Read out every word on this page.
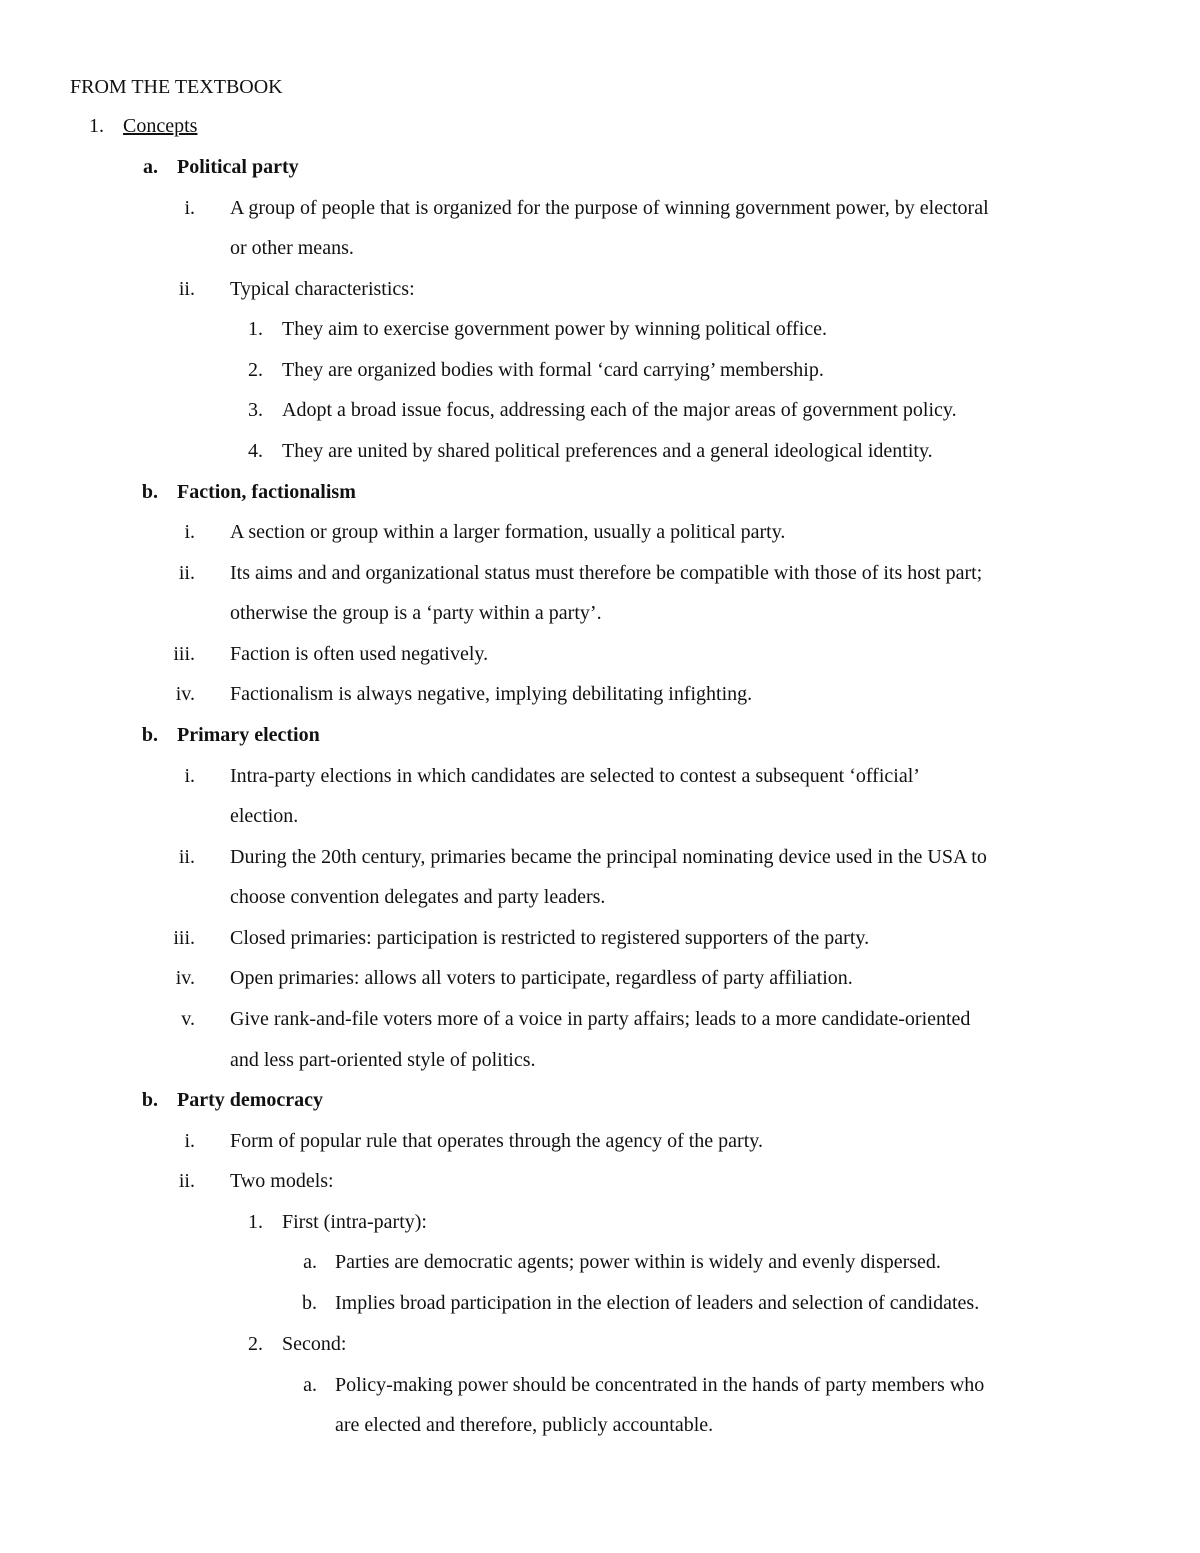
FROM THE TEXTBOOK
1. Concepts
a. Political party
i. A group of people that is organized for the purpose of winning government power, by electoral
or other means.
ii. Typical characteristics:
1. They aim to exercise government power by winning political office.
2. They are organized bodies with formal ‘card carrying’ membership.
3. Adopt a broad issue focus, addressing each of the major areas of government policy.
4. They are united by shared political preferences and a general ideological identity.
b. Faction, factionalism
i. A section or group within a larger formation, usually a political party.
ii. Its aims and and organizational status must therefore be compatible with those of its host part;
otherwise the group is a ‘party within a party’.
iii. Faction is often used negatively.
iv. Factionalism is always negative, implying debilitating infighting.
b. Primary election
i. Intra-party elections in which candidates are selected to contest a subsequent ‘official’
election.
ii. During the 20th century, primaries became the principal nominating device used in the USA to
choose convention delegates and party leaders.
iii. Closed primaries: participation is restricted to registered supporters of the party.
iv. Open primaries: allows all voters to participate, regardless of party affiliation.
v. Give rank-and-file voters more of a voice in party affairs; leads to a more candidate-oriented
and less part-oriented style of politics.
b. Party democracy
i. Form of popular rule that operates through the agency of the party.
ii. Two models:
1. First (intra-party):
a. Parties are democratic agents; power within is widely and evenly dispersed.
b. Implies broad participation in the election of leaders and selection of candidates.
2. Second:
a. Policy-making power should be concentrated in the hands of party members who
are elected and therefore, publicly accountable.
